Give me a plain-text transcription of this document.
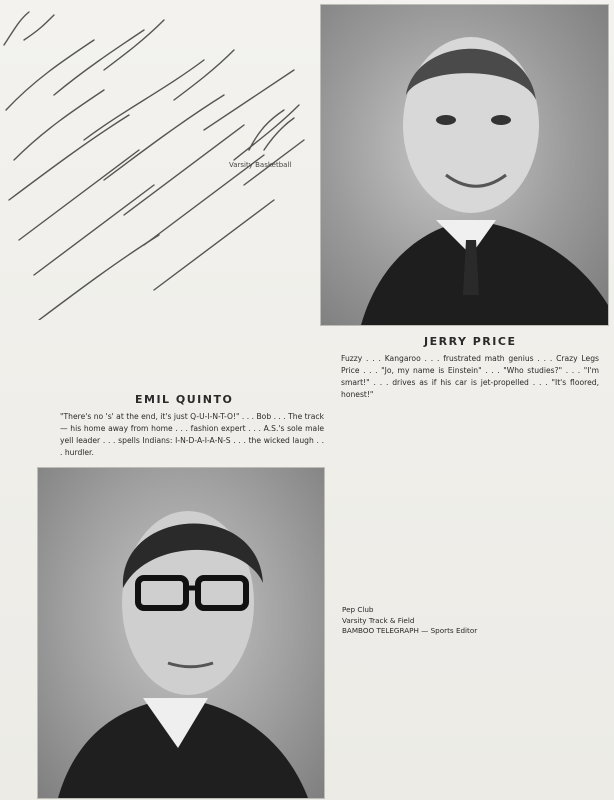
Varsity Basketball
JERRY PRICE
Fuzzy . . . Kangaroo . . . frustrated math genius . . . Crazy Legs Price . . . "Jo, my name is Einstein" . . . "Who studies?" . . . "I'm smart!" . . . drives as if his car is jet-propelled . . . "It's floored, honest!"
EMIL QUINTO
"There's no 's' at the end, it's just Q-U-I-N-T-O!" . . . Bob . . . The track — his home away from home . . . fashion expert . . . A.S.'s sole male yell leader . . . spells Indians: I-N-D-A-I-A-N-S . . . the wicked laugh . . . hurdler.
Pep Club
Varsity Track & Field
BAMBOO TELEGRAPH — Sports Editor
